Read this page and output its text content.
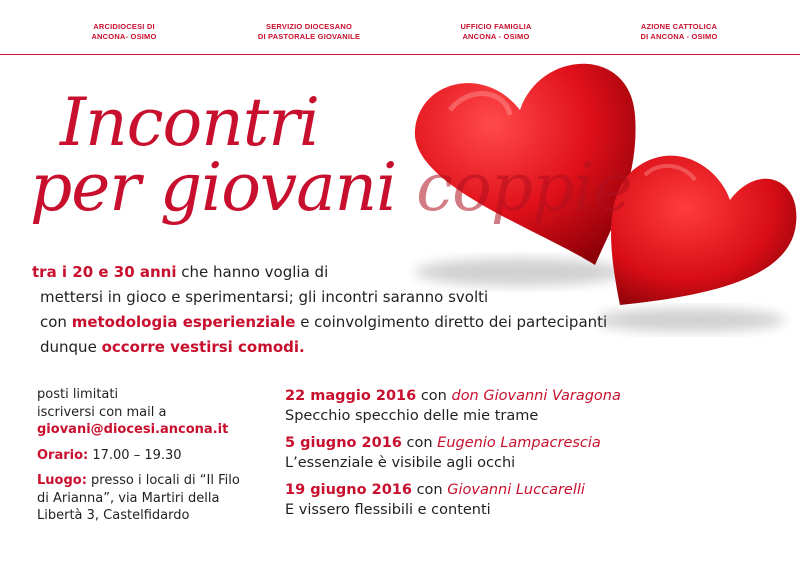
ARCIDIOCESI DI
ANCONA- OSIMO
SERVIZIO DIOCESANO
DI PASTORALE GIOVANILE
UFFICIO FAMIGLIA
ANCONA - OSIMO
AZIONE CATTOLICA
DI ANCONA - OSIMO
Incontri
per giovani coppie
tra i 20 e 30 anni che hanno voglia di
mettersi in gioco e sperimentarsi; gli incontri saranno svolti
con metodologia esperienziale e coinvolgimento diretto dei partecipanti
dunque occorre vestirsi comodi.
posti limitati
iscriversi con mail a
giovani@diocesi.ancona.it
Orario: 17.00 – 19.30
Luogo: presso i locali di “Il Filo
di Arianna”, via Martiri della
Libertà 3, Castelfidardo
22 maggio 2016 con don Giovanni Varagona
Specchio specchio delle mie trame
5 giugno 2016 con Eugenio Lampacrescia
L’essenziale è visibile agli occhi
19 giugno 2016 con Giovanni Luccarelli
E vissero flessibili e contenti
